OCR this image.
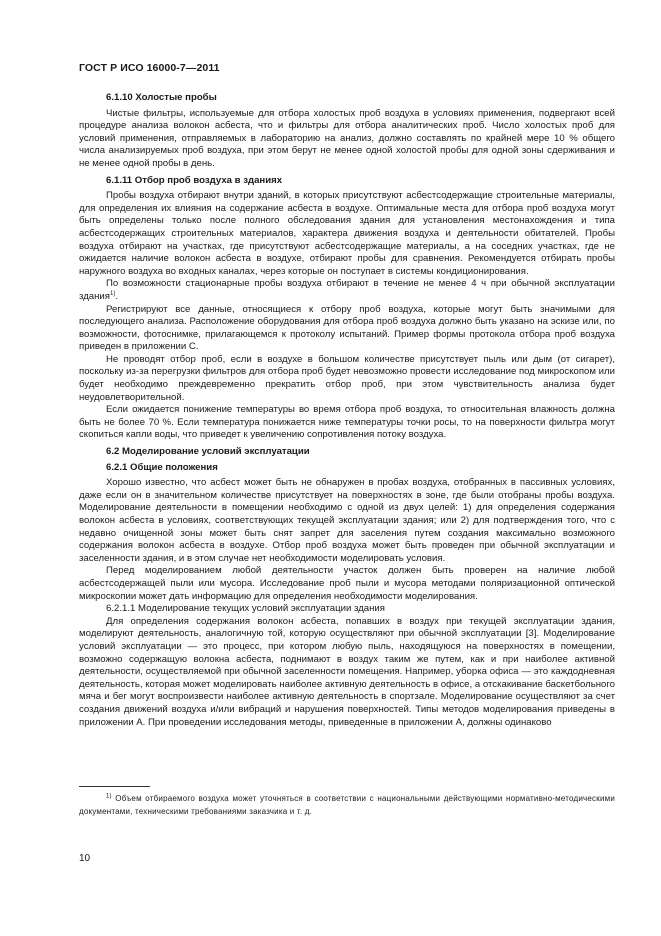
ГОСТ Р ИСО 16000-7—2011
6.1.10 Холостые пробы

Чистые фильтры, используемые для отбора холостых проб воздуха в условиях применения, подвергают всей процедуре анализа волокон асбеста, что и фильтры для отбора аналитических проб. Число холостых проб для условий применения, отправляемых в лабораторию на анализ, должно составлять по крайней мере 10 % общего числа анализируемых проб воздуха, при этом берут не менее одной холостой пробы для одной зоны сдерживания и не менее одной пробы в день.

6.1.11 Отбор проб воздуха в зданиях

Пробы воздуха отбирают внутри зданий, в которых присутствуют асбестсодержащие строительные материалы, для определения их влияния на содержание асбеста в воздухе. Оптимальные места для отбора проб воздуха могут быть определены только после полного обследования здания для установления местонахождения и типа асбестсодержащих строительных материалов, характера движения воздуха и деятельности обитателей. Пробы воздуха отбирают на участках, где присутствуют асбестсодержащие материалы, а на соседних участках, где не ожидается наличие волокон асбеста в воздухе, отбирают пробы для сравнения. Рекомендуется отбирать пробы наружного воздуха во входных каналах, через которые он поступает в системы кондиционирования.

По возможности стационарные пробы воздуха отбирают в течение не менее 4 ч при обычной эксплуатации здания$^{1)}$.

Регистрируют все данные, относящиеся к отбору проб воздуха, которые могут быть значимыми для последующего анализа. Расположение оборудования для отбора проб воздуха должно быть указано на эскизе или, по возможности, фотоснимке, прилагающемся к протоколу испытаний. Пример формы протокола отбора проб воздуха приведен в приложении С.

Не проводят отбор проб, если в воздухе в большом количестве присутствует пыль или дым (от сигарет), поскольку из-за перегрузки фильтров для отбора проб будет невозможно провести исследование под микроскопом или будет необходимо преждевременно прекратить отбор проб, при этом чувствительность анализа будет неудовлетворительной.

Если ожидается понижение температуры во время отбора проб воздуха, то относительная влажность должна быть не более 70 %. Если температура понижается ниже температуры точки росы, то на поверхности фильтра могут скопиться капли воды, что приведет к увеличению сопротивления потоку воздуха.

6.2 Моделирование условий эксплуатации
6.2.1 Общие положения

Хорошо известно, что асбест может быть не обнаружен в пробах воздуха, отобранных в пассивных условиях, даже если он в значительном количестве присутствует на поверхностях в зоне, где были отобраны пробы воздуха. Моделирование деятельности в помещении необходимо с одной из двух целей: 1) для определения содержания волокон асбеста в условиях, соответствующих текущей эксплуатации здания; или 2) для подтверждения того, что с недавно очищенной зоны может быть снят запрет для заселения путем создания максимально возможного содержания волокон асбеста в воздухе. Отбор проб воздуха может быть проведен при обычной эксплуатации и заселенности здания, и в этом случае нет необходимости моделировать условия.

Перед моделированием любой деятельности участок должен быть проверен на наличие любой асбестсодержащей пыли или мусора. Исследование проб пыли и мусора методами поляризационной оптической микроскопии может дать информацию для определения необходимости моделирования.

6.2.1.1 Моделирование текущих условий эксплуатации здания

Для определения содержания волокон асбеста, попавших в воздух при текущей эксплуатации здания, моделируют деятельность, аналогичную той, которую осуществляют при обычной эксплуатации [3]. Моделирование условий эксплуатации — это процесс, при котором любую пыль, находящуюся на поверхностях в помещении, возможно содержащую волокна асбеста, поднимают в воздух таким же путем, как и при наиболее активной деятельности, осуществляемой при обычной заселенности помещения. Например, уборка офиса — это каждодневная деятельность, которая может моделировать наиболее активную деятельность в офисе, а отскакивание баскетбольного мяча и бег могут воспроизвести наиболее активную деятельность в спортзале. Моделирование осуществляют за счет создания движений воздуха и/или вибраций и нарушения поверхностей. Типы методов моделирования приведены в приложении А. При проведении исследования методы, приведенные в приложении А, должны одинаково

$^{1)}$ Объем отбираемого воздуха может уточняться в соответствии с национальными действующими нормативно-методическими документами, техническими требованиями заказчика и т. д.

10
